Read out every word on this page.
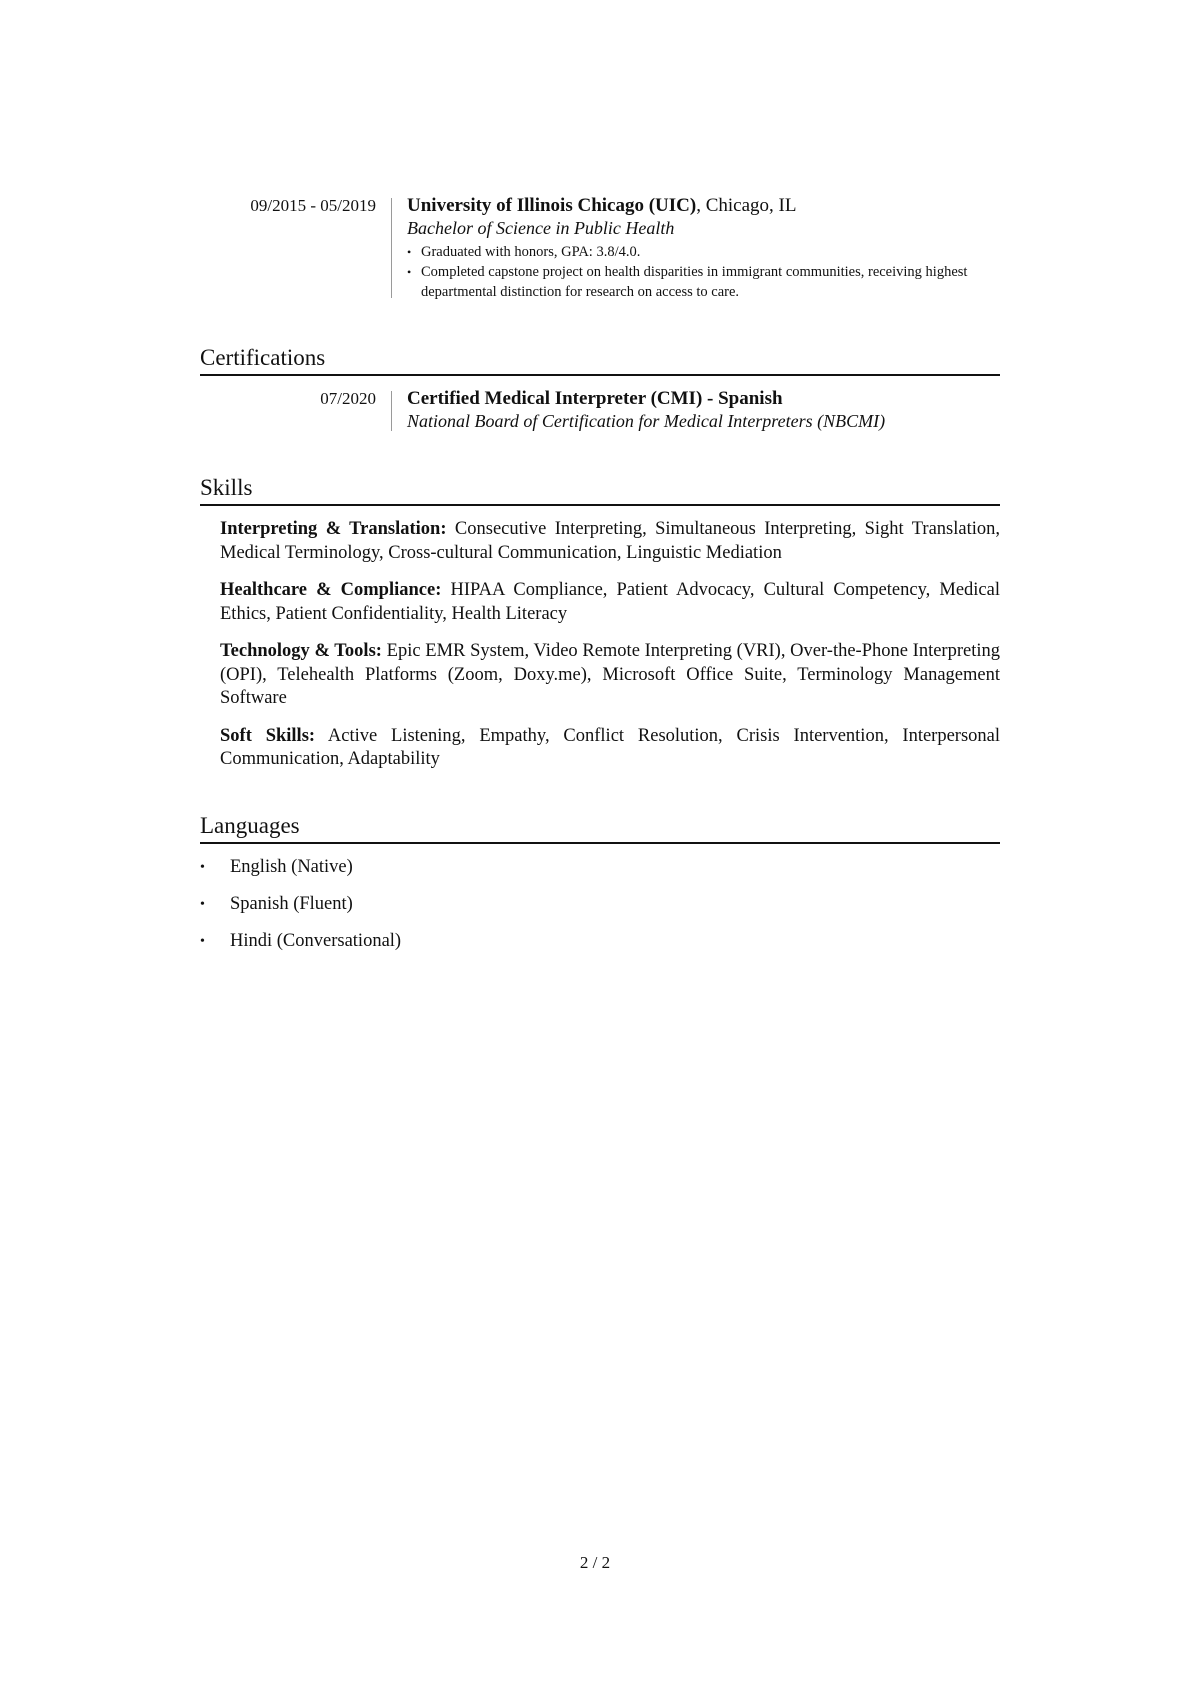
09/2015 - 05/2019 University of Illinois Chicago (UIC), Chicago, IL
Bachelor of Science in Public Health
• Graduated with honors, GPA: 3.8/4.0.
• Completed capstone project on health disparities in immigrant communities, receiving highest departmental distinction for research on access to care.
Certifications
07/2020 Certified Medical Interpreter (CMI) - Spanish
National Board of Certification for Medical Interpreters (NBCMI)
Skills

Interpreting & Translation: Consecutive Interpreting, Simultaneous Interpreting, Sight Translation, Medical Terminology, Cross-cultural Communication, Linguistic Mediation

Healthcare & Compliance: HIPAA Compliance, Patient Advocacy, Cultural Competency, Medical Ethics, Patient Confidentiality, Health Literacy

Technology & Tools: Epic EMR System, Video Remote Interpreting (VRI), Over-the-Phone Interpreting (OPI), Telehealth Platforms (Zoom, Doxy.me), Microsoft Office Suite, Terminology Management Software

Soft Skills: Active Listening, Empathy, Conflict Resolution, Crisis Intervention, Interpersonal Communication, Adaptability

Languages
• English (Native)
• Spanish (Fluent)
• Hindi (Conversational)
2 / 2
